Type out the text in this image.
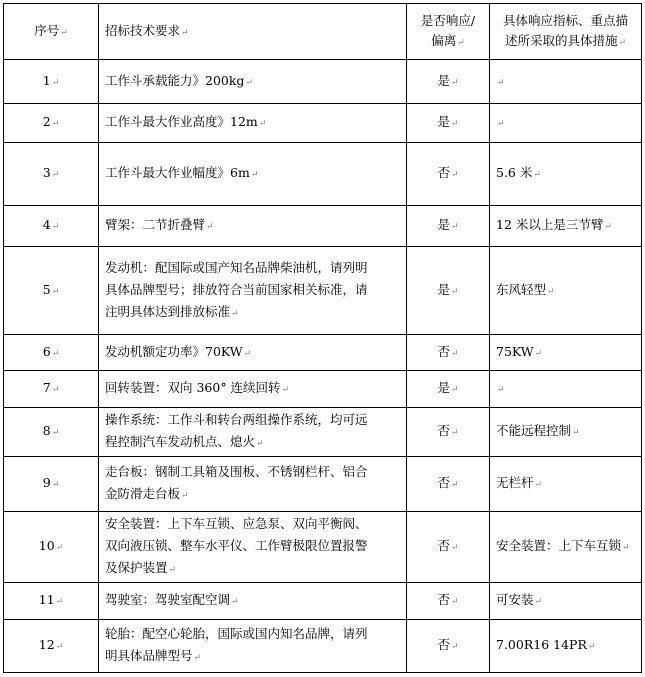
序号↵	招标技术要求↵	是否响应/
偏离↵	具体响应指标、重点描
述所采取的具体措施↵
1↵	工作斗承载能力》200kg↵	是↵	↵
2↵	工作斗最大作业高度》12m↵	是↵	↵
3↵	工作斗最大作业幅度》6m↵	否↵	5.6 米↵
4↵	臂架：二节折叠臂↵	是↵	12 米以上是三节臂↵
5↵	发动机：配国际或国产知名品牌柴油机，请列明
具体品牌型号；排放符合当前国家相关标准，请
注明具体达到排放标准↵	是↵	东风轻型↵
6↵	发动机额定功率》70KW↵	否↵	75KW↵
7↵	回转装置：双向 360° 连续回转↵	是↵	↵
8↵	操作系统：工作斗和转台两组操作系统，均可远
程控制汽车发动机点、熄火↵	否↵	不能远程控制↵
9↵	走台板：钢制工具箱及围板、不锈钢栏杆、铝合
金防滑走台板↵	否↵	无栏杆↵
10↵	安全装置：上下车互锁、应急泵、双向平衡阀、
双向液压锁、整车水平仪、工作臂极限位置报警
及保护装置↵	否↵	安全装置：上下车互锁↵
11↵	驾驶室：驾驶室配空调↵	否↵	可安装↵
12↵	轮胎：配空心轮胎，国际或国内知名品牌，请列
明具体品牌型号↵	否↵	7.00R16 14PR↵
